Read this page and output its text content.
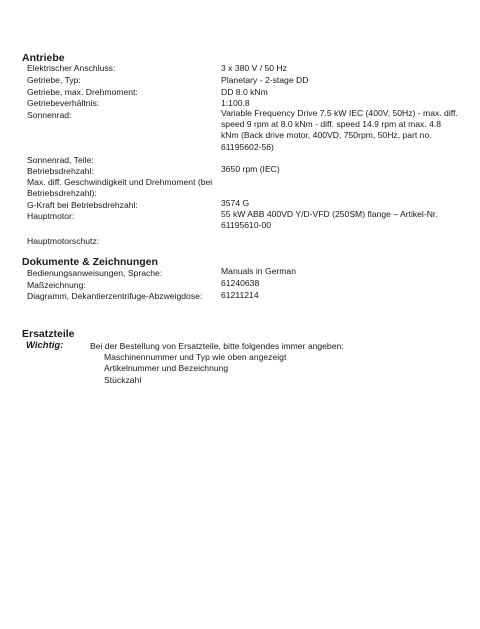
Antriebe
Elektrischer Anschluss:	3 x 380 V / 50 Hz
Getriebe, Typ:	Planetary - 2-stage DD
Getriebe, max. Drehmoment:	DD 8.0 kNm
Getriebeverhältnis:	1:100.8
Sonnenrad:	Variable Frequency Drive 7.5 kW IEC (400V, 50Hz) - max. diff. speed 9 rpm at 8.0 kNm - diff. speed 14.9 rpm at max. 4.8 kNm (Back drive motor, 400VD, 750rpm, 50Hz, part no. 61195602-56)
Sonnenrad, Teile:
Betriebsdrehzahl:	3650 rpm (IEC)
Max. diff. Geschwindigkeit und Drehmoment (bei Betriebsdrehzahl):
G-Kraft bei Betriebsdrehzahl:	3574 G
Hauptmotor:	55 kW ABB 400VD Y/D-VFD (250SM) flange – Artikel-Nr. 61195610-00
Hauptmotorschutz:
Dokumente & Zeichnungen
Bedienungsanweisungen, Sprache:	Manuals in German
Maßzeichnung:	61240638
Diagramm, Dekantierzentrifuge-Abzweigdose: 61211214
Ersatzteile
Wichtig:	Bei der Bestellung von Ersatzteile, bitte folgendes immer angeben:
Maschinennummer und Typ wie oben angezeigt
Artikelnummer und Bezeichnung
Stückzahl
